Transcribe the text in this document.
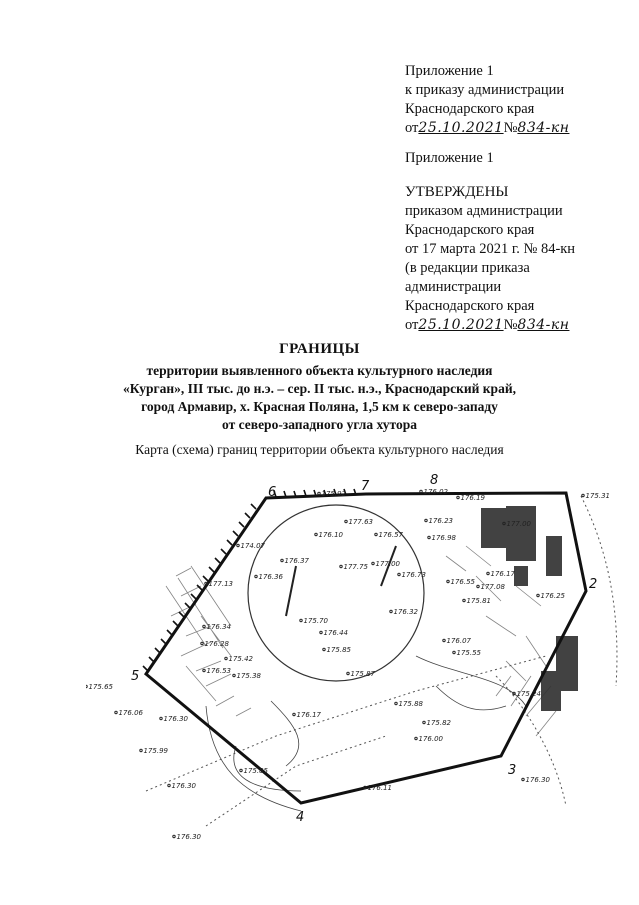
Приложение 1
к приказу администрации
Краснодарского края
от25.10.2021№834-кн
Приложение 1
УТВЕРЖДЕНЫ
приказом администрации
Краснодарского края
от 17 марта 2021 г. № 84-кн
(в редакции приказа
администрации
Краснодарского края
от25.10.2021№834-кн
ГРАНИЦЫ
территории выявленного объекта культурного наследия
«Курган», III тыс. до н.э. – сер. II тыс. н.э., Краснодарский край,
город Армавир, х. Красная Поляна, 1,5 км к северо-западу
от северо-западного угла хутора
Карта (схема) границ территории объекта культурного наследия
2
3
4
5
6	7	8
175.92	176.02
176.19	175.31
177.63	176.23	177.00
176.10	176.57	176.98
174.07
176.37
177.75 177.00
176.73
176.55
176.17
176.25
175.81
177.08
176.34
176.36
175.70
176.44
176.32
176.28
175.42
175.85
176.07
175.55
176.53
175.38	175.87
176.06
176.30	176.17
175.88
175.82
175.99
176.00
176.11
176.30
175.65
176.30
175.85
176.30
177.13
175.24
